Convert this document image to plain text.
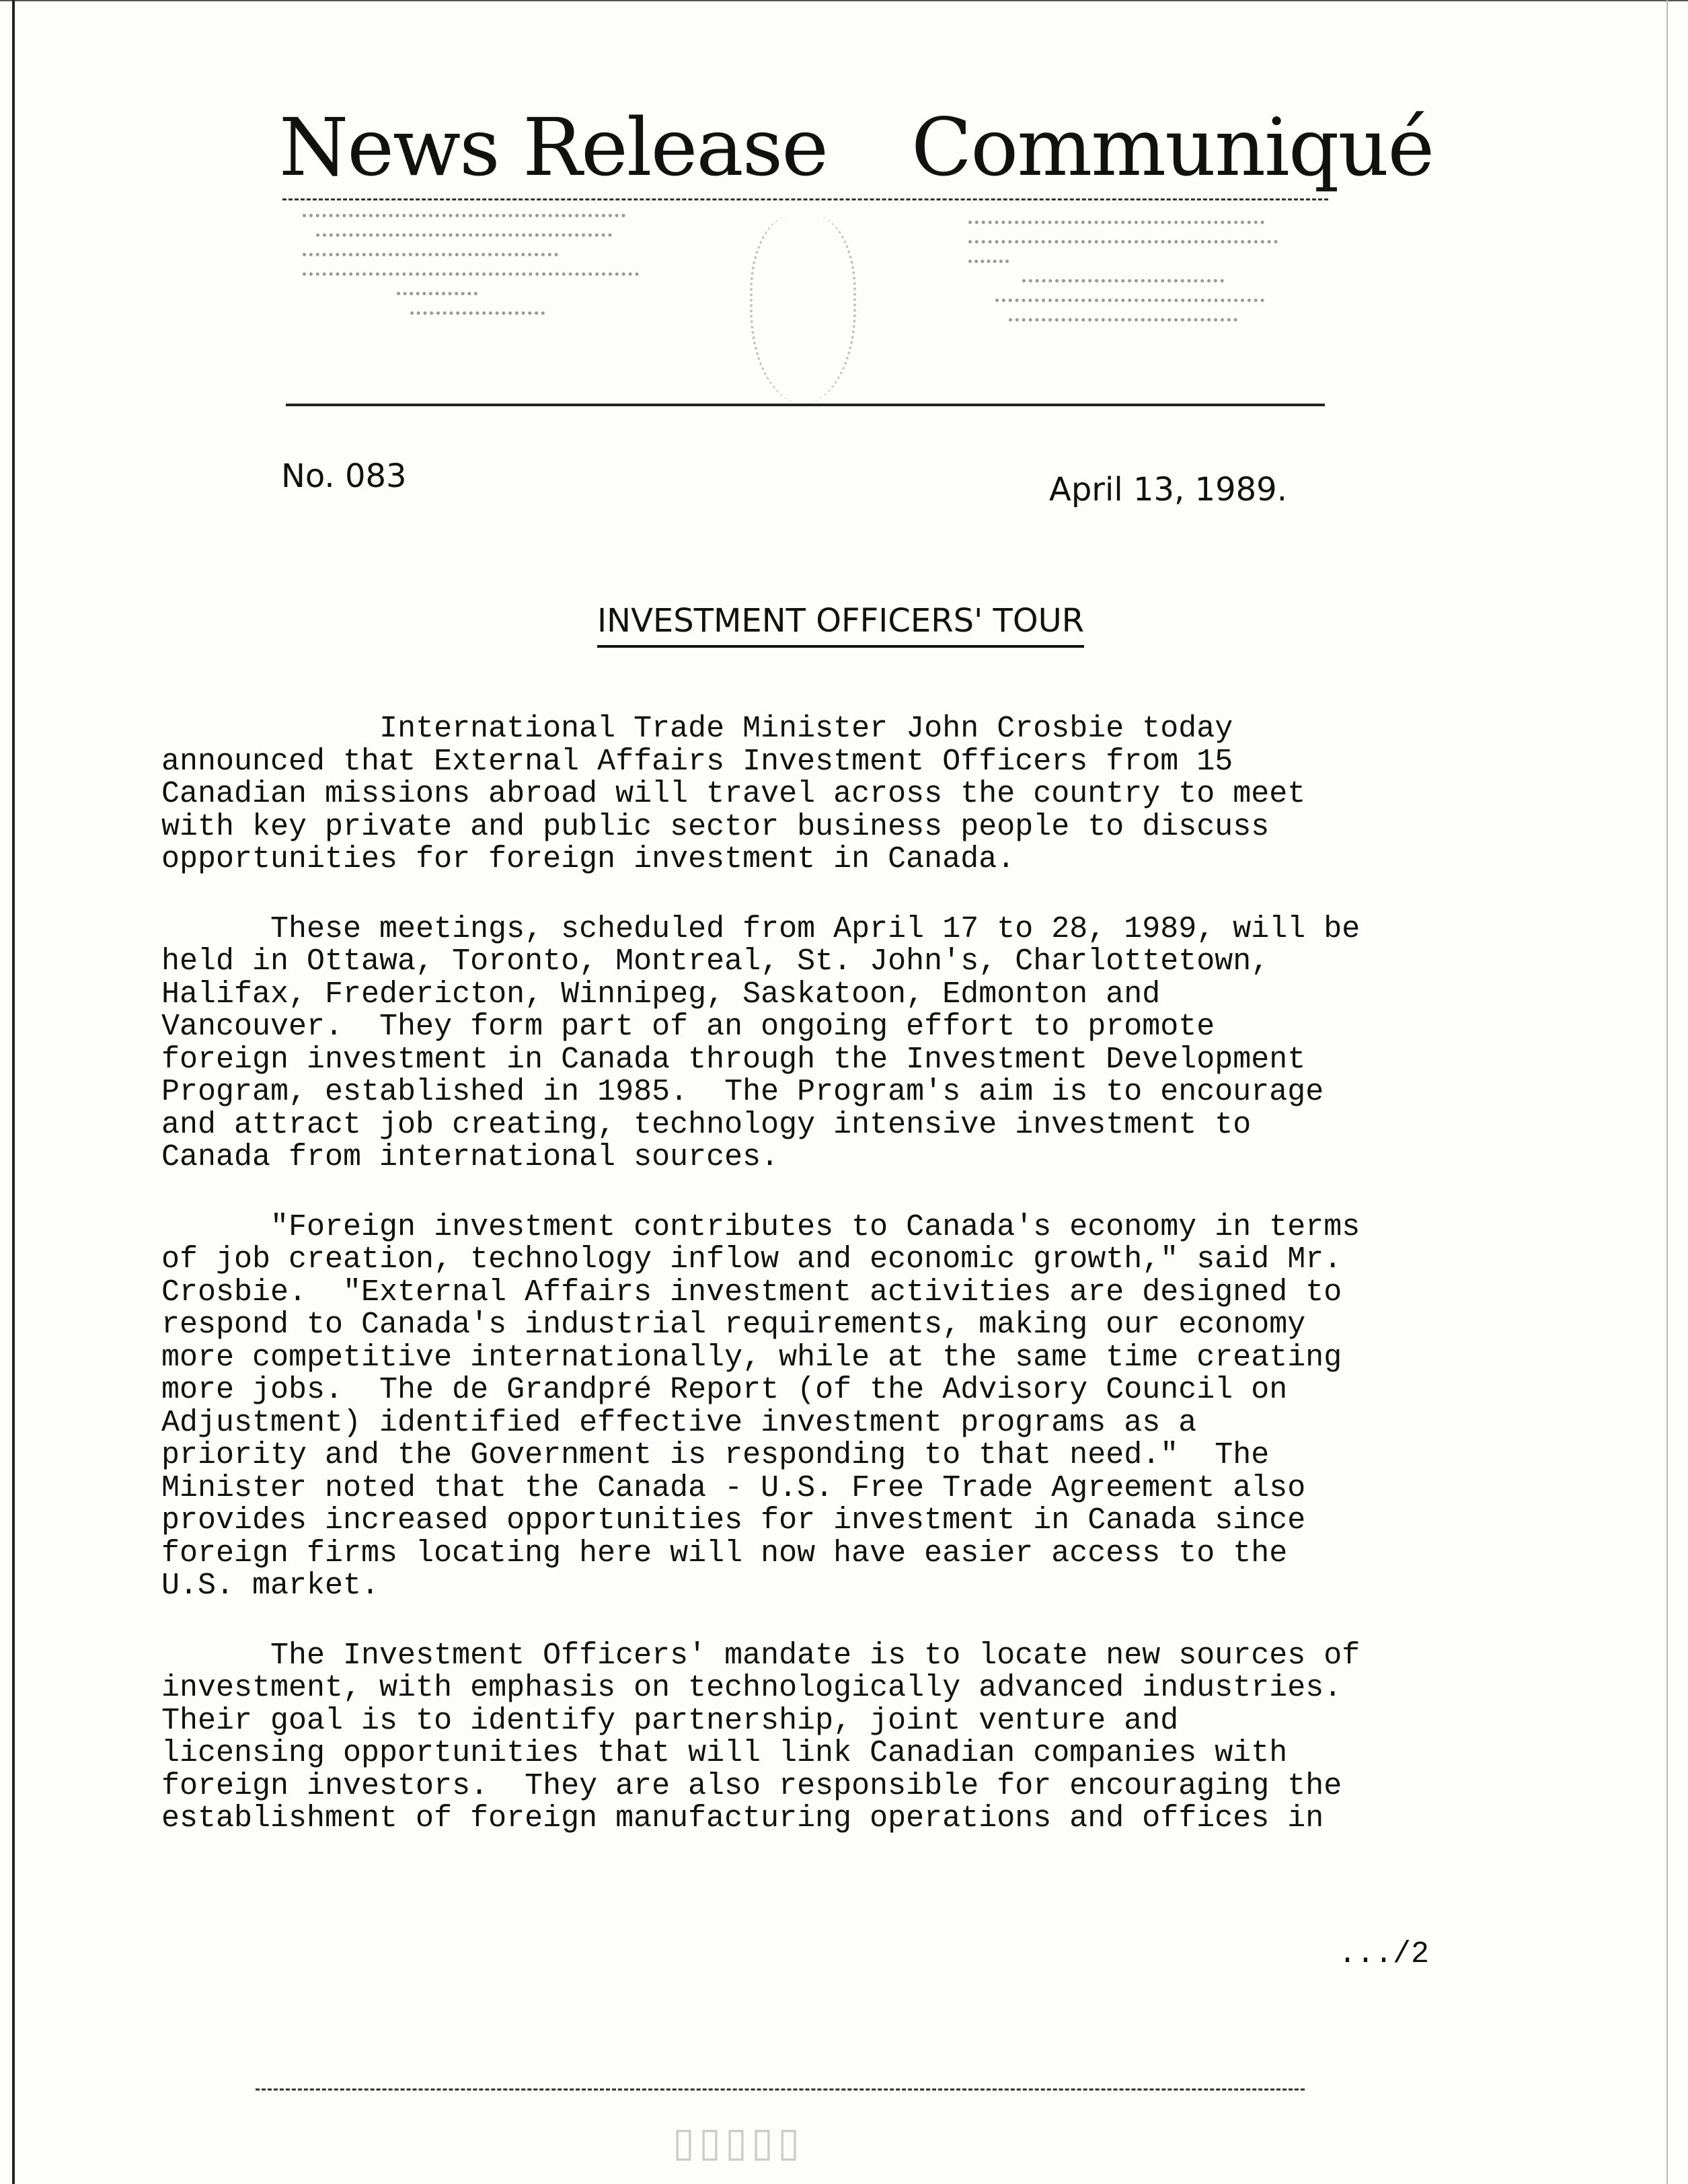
News Release Communiqué
No. 083	April 13, 1989.
INVESTMENT OFFICERS' TOUR

International Trade Minister John Crosbie today
announced that External Affairs Investment Officers from 15
Canadian missions abroad will travel across the country to meet
with key private and public sector business people to discuss
opportunities for foreign investment in Canada.

These meetings, scheduled from April 17 to 28, 1989, will be
held in Ottawa, Toronto, Montreal, St. John's, Charlottetown,
Halifax, Fredericton, Winnipeg, Saskatoon, Edmonton and
Vancouver.  They form part of an ongoing effort to promote
foreign investment in Canada through the Investment Development
Program, established in 1985.  The Program's aim is to encourage
and attract job creating, technology intensive investment to
Canada from international sources.

"Foreign investment contributes to Canada's economy in terms
of job creation, technology inflow and economic growth," said Mr.
Crosbie.  "External Affairs investment activities are designed to
respond to Canada's industrial requirements, making our economy
more competitive internationally, while at the same time creating
more jobs.  The de Grandpré Report (of the Advisory Council on
Adjustment) identified effective investment programs as a
priority and the Government is responding to that need."  The
Minister noted that the Canada - U.S. Free Trade Agreement also
provides increased opportunities for investment in Canada since
foreign firms locating here will now have easier access to the
U.S. market.

The Investment Officers' mandate is to locate new sources of
investment, with emphasis on technologically advanced industries.
Their goal is to identify partnership, joint venture and
licensing opportunities that will link Canadian companies with
foreign investors.  They are also responsible for encouraging the
establishment of foreign manufacturing operations and offices in

.../2
▯▯▯▯▯
